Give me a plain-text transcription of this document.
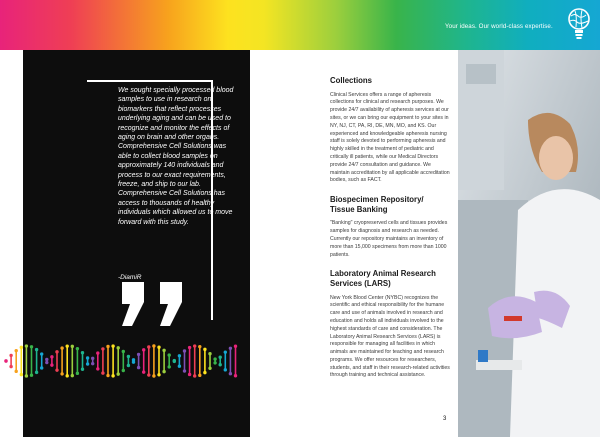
Your ideas. Our world-class expertise.
We sought specially processed blood samples to use in research on biomarkers that reflect processes underlying aging and can be used to recognize and monitor the effects of aging on brain and other organs. Comprehensive Cell Solutions was able to collect blood samples on approximately 140 individuals and process to our exact requirements, freeze, and ship to our lab. Comprehensive Cell Solutions has access to thousands of healthy individuals which allowed us to move forward with this study.
-DiamiR
2	3
Collections
Clinical Services offers a range of apheresis collections for clinical and research purposes. We provide 24/7 availability of apheresis services at our sites, or we can bring our equipment to your sites in NY, NJ, CT, PA, RI, DE, MN, MO, and KS. Our experienced and knowledgeable apheresis nursing staff is solely devoted to performing apheresis and highly skilled in the treatment of pediatric and critically ill patients, while our Medical Directors provide 24/7 consultation and guidance. We maintain accreditation by all applicable accreditation bodies, such as FACT.
Biospecimen Repository/ Tissue Banking
"Banking" cryopreserved cells and tissues provides samples for diagnosis and research as needed. Currently our repository maintains an inventory of more than 15,000 specimens from more than 1000 patients.
Laboratory Animal Research Services (LARS)
New York Blood Center (NYBC) recognizes the scientific and ethical responsibility for the humane care and use of animals involved in research and education and holds all individuals involved to the highest standards of care and consideration. The Laboratory Animal Research Services (LARS) is responsible for managing all facilities in which animals are maintained for teaching and research programs. We offer resources for researchers, students, and staff in their research-related activities through training and technical assistance.
